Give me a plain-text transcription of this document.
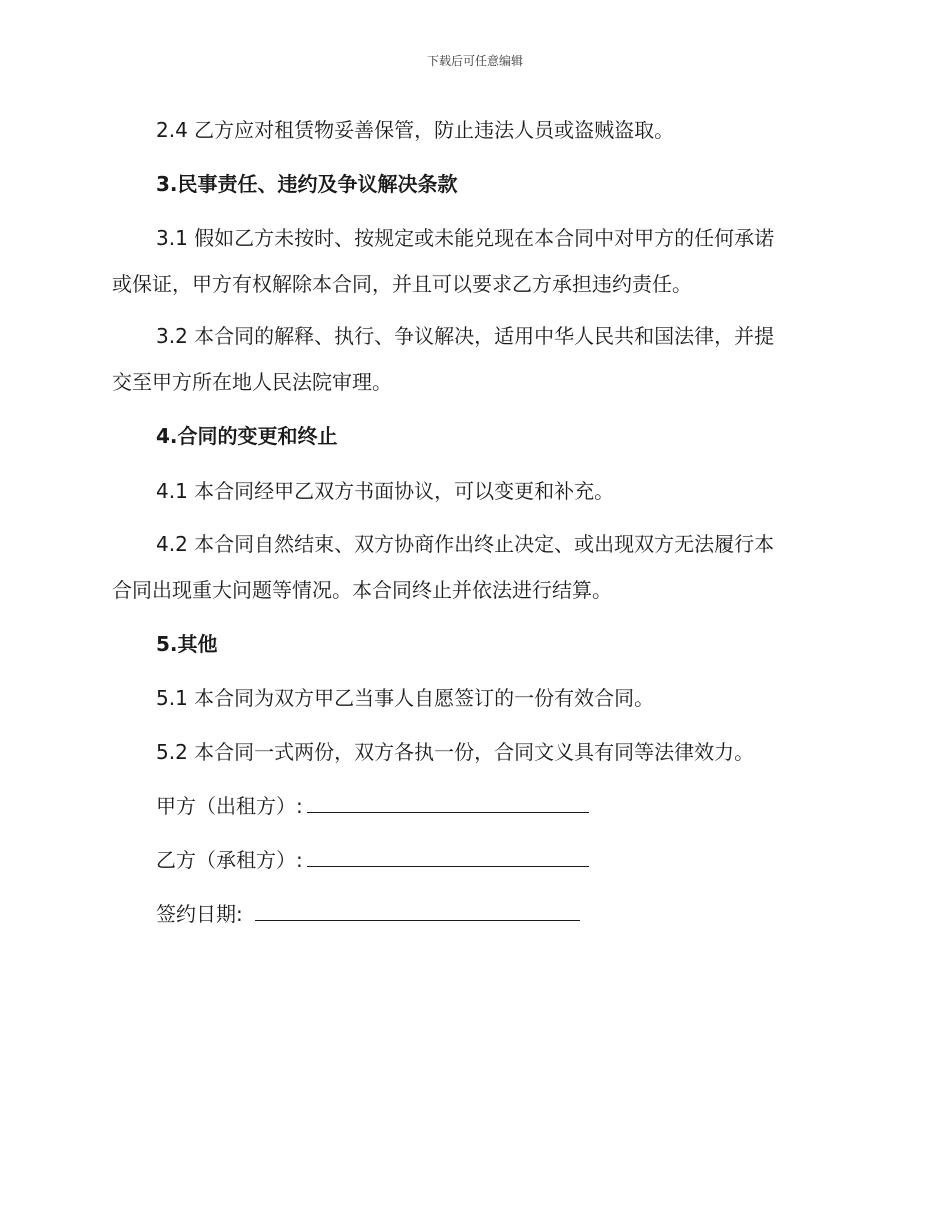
下载后可任意编辑
2.4 乙方应对租赁物妥善保管，防止违法人员或盗贼盗取。
3.民事责任、违约及争议解决条款
3.1 假如乙方未按时、按规定或未能兑现在本合同中对甲方的任何承诺
或保证，甲方有权解除本合同，并且可以要求乙方承担违约责任。
3.2 本合同的解释、执行、争议解决，适用中华人民共和国法律，并提
交至甲方所在地人民法院审理。
4.合同的变更和终止
4.1 本合同经甲乙双方书面协议，可以变更和补充。
4.2 本合同自然结束、双方协商作出终止决定、或出现双方无法履行本
合同出现重大问题等情况。本合同终止并依法进行结算。
5.其他
5.1 本合同为双方甲乙当事人自愿签订的一份有效合同。
5.2 本合同一式两份，双方各执一份，合同文义具有同等法律效力。
甲方（出租方）:
乙方（承租方）:
签约日期:
